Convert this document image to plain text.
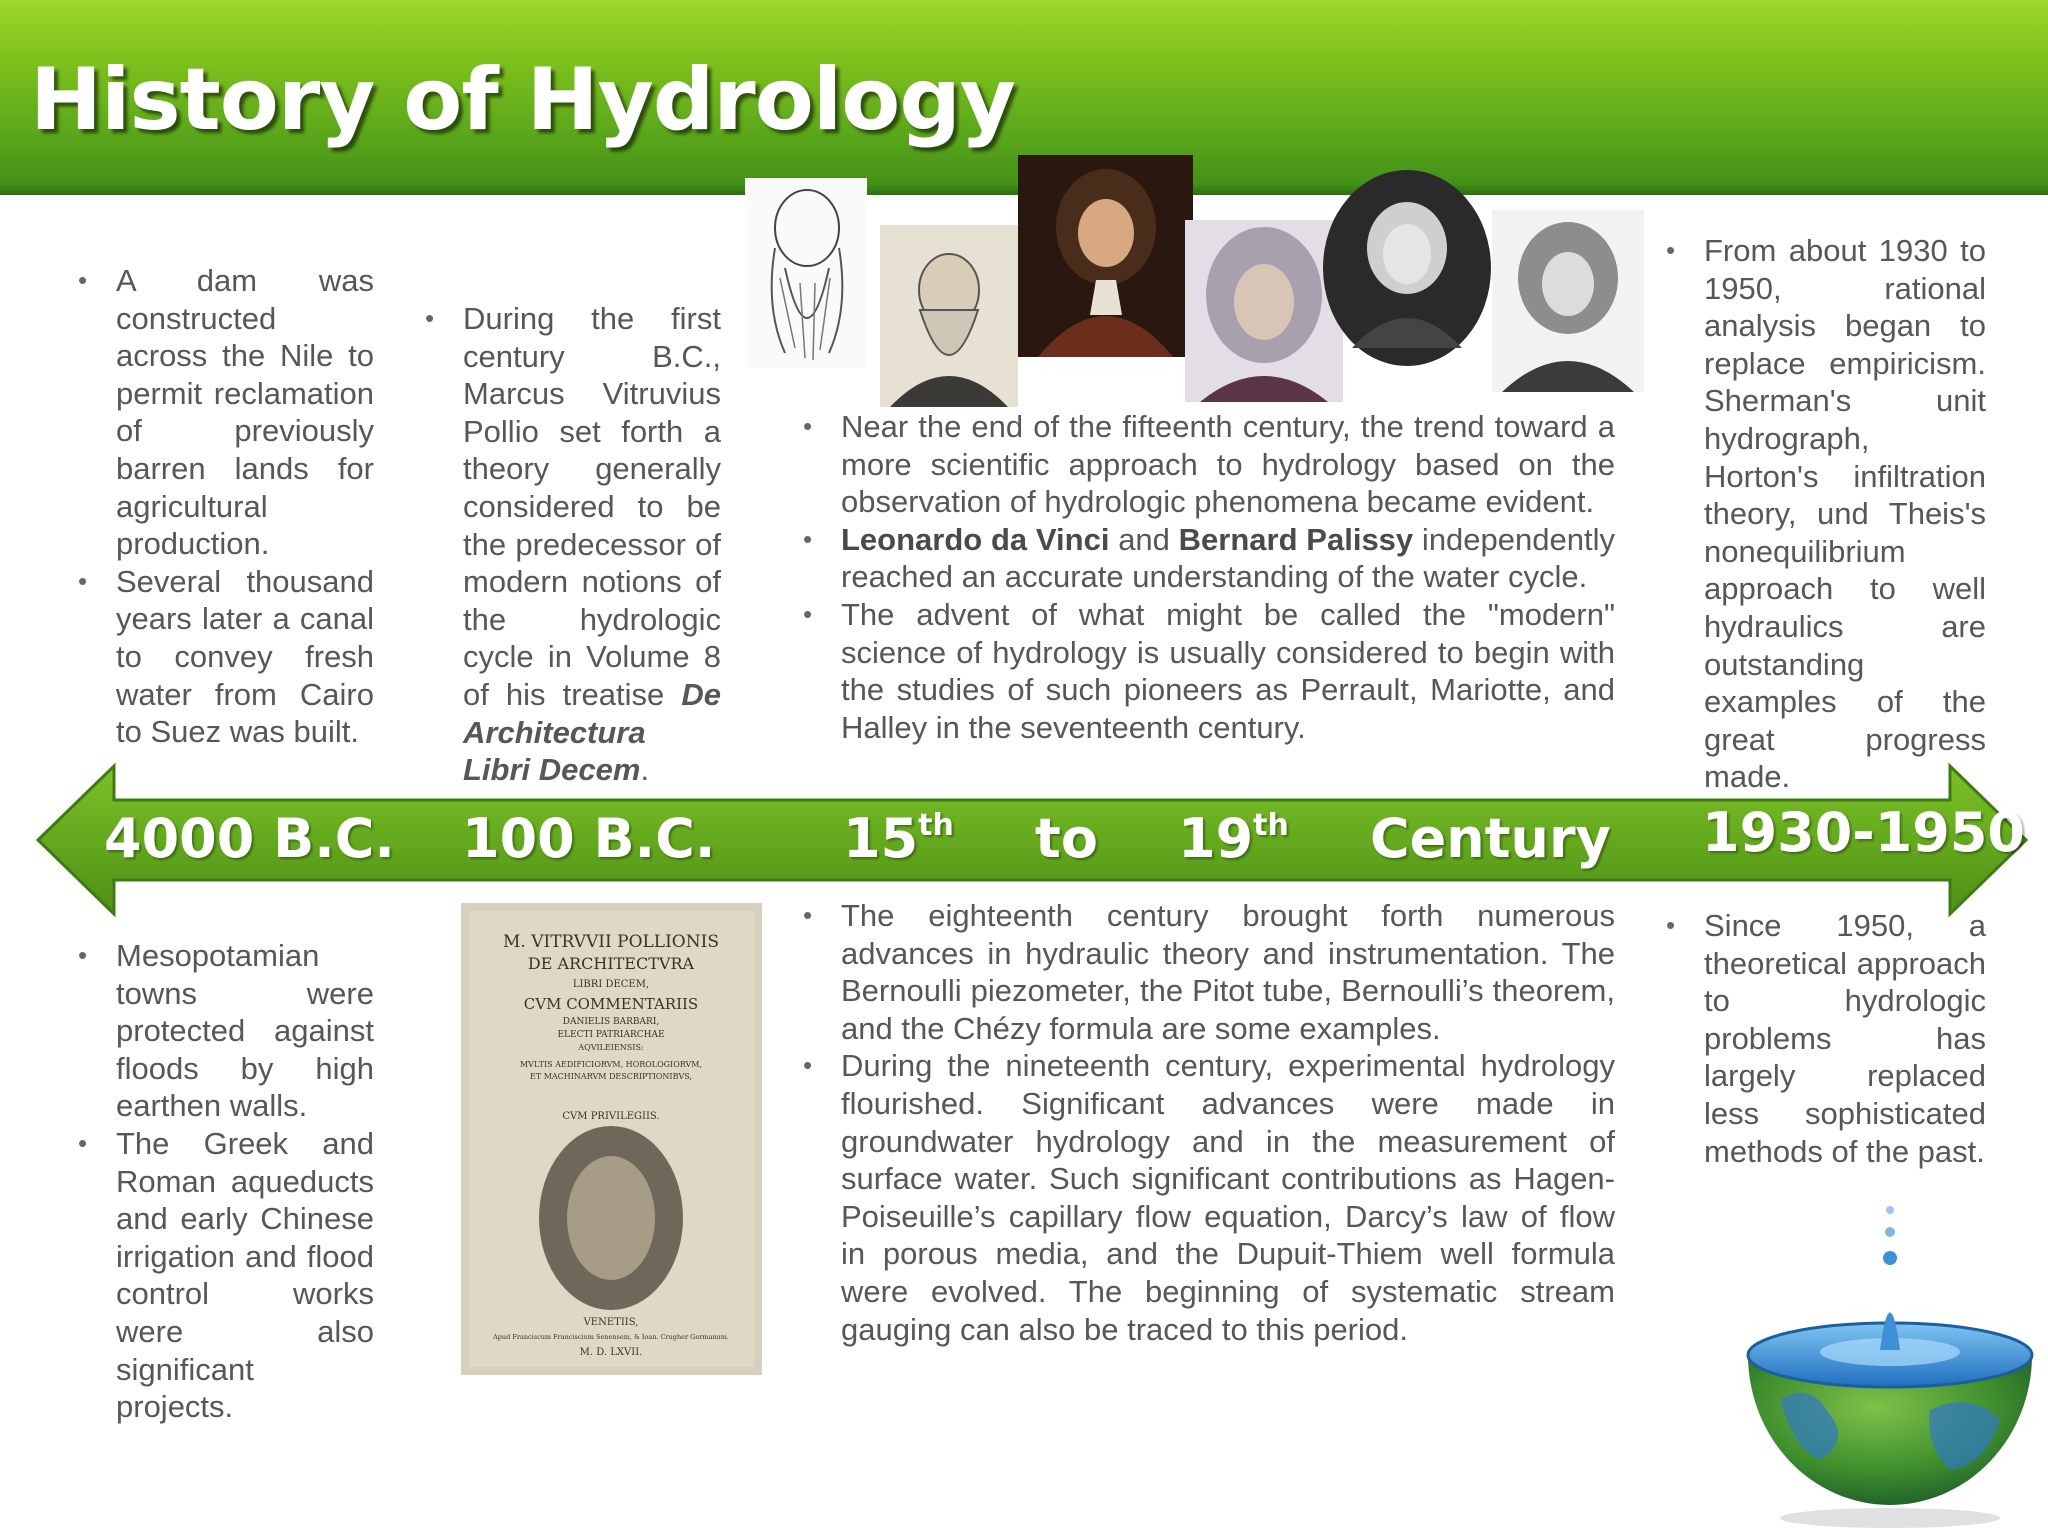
History of Hydrology
• A dam was constructed across the Nile to permit reclamation of previously barren lands for agricultural production.
• Several thousand years later a canal to convey fresh water from Cairo to Suez was built.
• During the first century B.C., Marcus Vitruvius Pollio set forth a theory generally considered to be the predecessor of modern notions of the hydrologic cycle in Volume 8 of his treatise De Architectura Libri Decem.
• Near the end of the fifteenth century, the trend toward a more scientific approach to hydrology based on the observation of hydrologic phenomena became evident.
• Leonardo da Vinci and Bernard Palissy independently reached an accurate understanding of the water cycle.
• The advent of what might be called the "modern" science of hydrology is usually considered to begin with the studies of such pioneers as Perrault, Mariotte, and Halley in the seventeenth century.
• From about 1930 to 1950, rational analysis began to replace empiricism. Sherman's unit hydrograph, Horton's infiltration theory, und Theis's nonequilibrium approach to well hydraulics are outstanding examples of the great progress made.
4000 B.C. 100 B.C. 15th to 19th Century 1930-1950
• Mesopotamian towns were protected against floods by high earthen walls.
• The Greek and Roman aqueducts and early Chinese irrigation and flood control works were also significant projects.
M. VITRVVII POLLIONIS
DE ARCHITECTVRA
LIBRI DECEM,
CVM COMMENTARIIS
DANIELIS BARBARI,
ELECTI PATRIARCHAE
AQVILEIENSIS:
MVLTIS AEDIFICIORVM, HOROLOGIORVM,
ET MACHINARVM DESCRIPTIONIBVS,
CVM PRIVILEGIIS.
VENETIIS,
Apud Franciscum Franciscium Senensem, & Ioan. Crugher Germanum.
M. D. LXVII.
• The eighteenth century brought forth numerous advances in hydraulic theory and instrumentation. The Bernoulli piezometer, the Pitot tube, Bernoulli’s theorem, and the Chézy formula are some examples.
• During the nineteenth century, experimental hydrology flourished. Significant advances were made in groundwater hydrology and in the measurement of surface water. Such significant contributions as Hagen-Poiseuille’s capillary flow equation, Darcy’s law of flow in porous media, and the Dupuit-Thiem well formula were evolved. The beginning of systematic stream gauging can also be traced to this period.
• Since 1950, a theoretical approach to hydrologic problems has largely replaced less sophisticated methods of the past.
